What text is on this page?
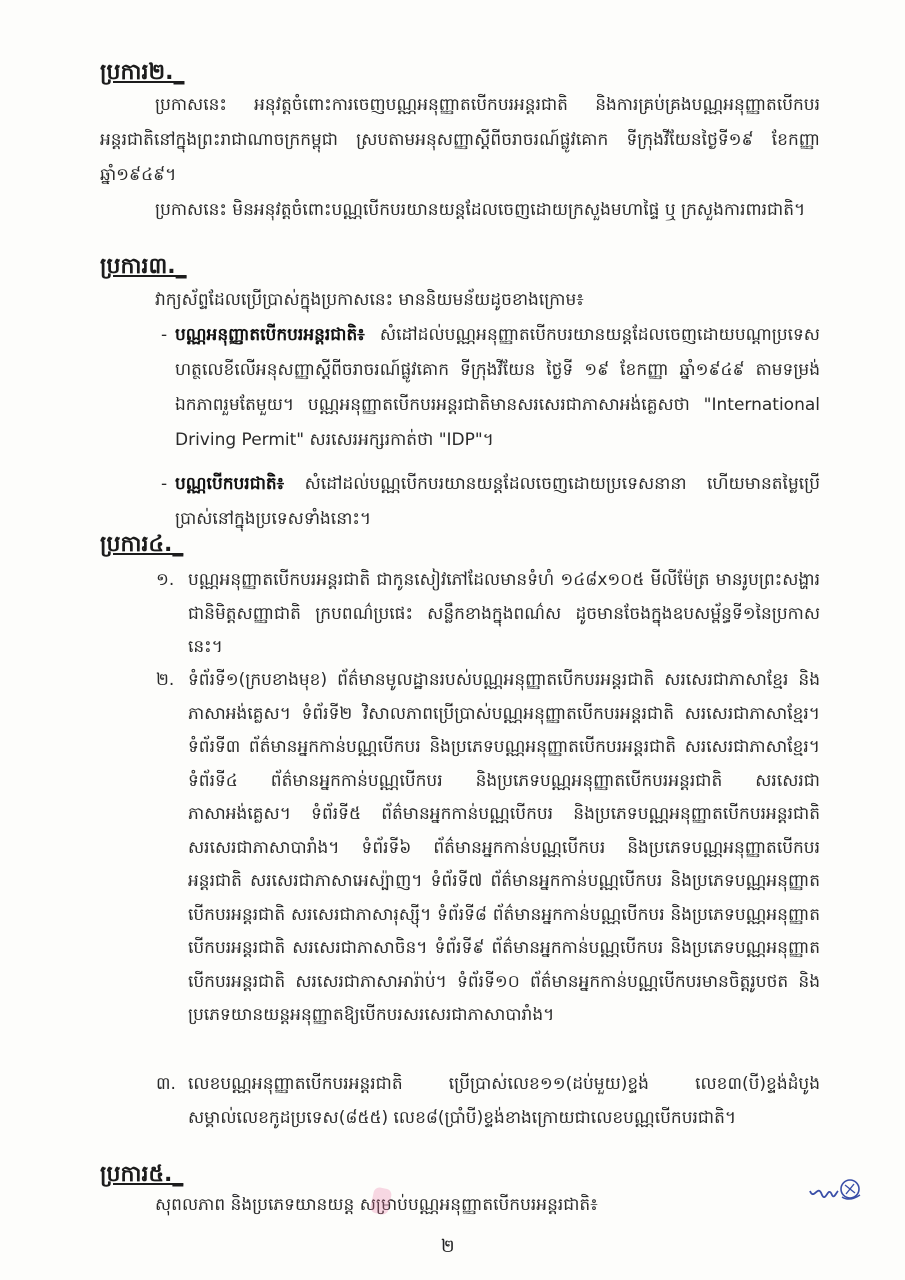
ប្រការ២._
ប្រកាសនេះ អនុវត្តចំពោះការចេញបណ្ណអនុញ្ញាតបើកបរអន្តរជាតិ និងការគ្រប់គ្រងបណ្ណអនុញ្ញាតបើកបរអន្តរជាតិនៅក្នុងព្រះរាជាណាចក្រកម្ពុជា ស្របតាមអនុសញ្ញាស្តីពីចរាចរណ៍ផ្លូវគោក ទីក្រុងវីយែនថ្ងៃទី១៩ ខែកញ្ញា ឆ្នាំ១៩៤៩។
ប្រកាសនេះ មិនអនុវត្តចំពោះបណ្ណបើកបរយានយន្តដែលចេញដោយក្រសួងមហាផ្ទៃ ឬ ក្រសួងការពារជាតិ។
ប្រការ៣._
វាក្យស័ព្ទដែលប្រើប្រាស់ក្នុងប្រកាសនេះ មាននិយមន័យដូចខាងក្រោម៖
- បណ្ណអនុញ្ញាតបើកបរអន្តរជាតិ៖ សំដៅដល់បណ្ណអនុញ្ញាតបើកបរយានយន្តដែលចេញដោយបណ្តាប្រទេសហត្ថលេខីលើអនុសញ្ញាស្តីពីចរាចរណ៍ផ្លូវគោក ទីក្រុងវីយែន ថ្ងៃទី ១៩ ខែកញ្ញា ឆ្នាំ១៩៤៩ តាមទម្រង់ឯកភាពរួមតែមួយ។ បណ្ណអនុញ្ញាតបើកបរអន្តរជាតិមានសរសេរជាភាសាអង់គ្លេសថា "International Driving Permit" សរសេរអក្សរកាត់ថា "IDP"។
- បណ្ណបើកបរជាតិ៖ សំដៅដល់បណ្ណបើកបរយានយន្តដែលចេញដោយប្រទេសនានា ហើយមានតម្លៃប្រើប្រាស់នៅក្នុងប្រទេសទាំងនោះ។
ប្រការ៤._
១. បណ្ណអនុញ្ញាតបើកបរអន្តរជាតិ ជាកូនសៀវភៅដែលមានទំហំ ១៤៨x១០៥ មីលីម៉ែត្រ មានរូបព្រះសង្ហារជានិមិត្តសញ្ញាជាតិ ក្របពណ៌ប្រផេះ សន្លឹកខាងក្នុងពណ៌ស ដូចមានចែងក្នុងឧបសម្ព័ន្ធទី១នៃប្រកាសនេះ។
២. ទំព័រទី១(ក្របខាងមុខ) ព័ត៌មានមូលដ្ឋានរបស់បណ្ណអនុញ្ញាតបើកបរអន្តរជាតិ សរសេរជាភាសាខ្មែរ និងភាសាអង់គ្លេស។ ទំព័រទី២ វិសាលភាពប្រើប្រាស់បណ្ណអនុញ្ញាតបើកបរអន្តរជាតិ សរសេរជាភាសាខ្មែរ។ ទំព័រទី៣ ព័ត៌មានអ្នកកាន់បណ្ណបើកបរ និងប្រភេទបណ្ណអនុញ្ញាតបើកបរអន្តរជាតិ សរសេរជាភាសាខ្មែរ។ ទំព័រទី៤ ព័ត៌មានអ្នកកាន់បណ្ណបើកបរ និងប្រភេទបណ្ណអនុញ្ញាតបើកបរអន្តរជាតិ សរសេរជាភាសាអង់គ្លេស។ ទំព័រទី៥ ព័ត៌មានអ្នកកាន់បណ្ណបើកបរ និងប្រភេទបណ្ណអនុញ្ញាតបើកបរអន្តរជាតិ សរសេរជាភាសាបារាំង។ ទំព័រទី៦ ព័ត៌មានអ្នកកាន់បណ្ណបើកបរ និងប្រភេទបណ្ណអនុញ្ញាតបើកបរអន្តរជាតិ សរសេរជាភាសាអេស្ប៉ាញ។ ទំព័រទី៧ ព័ត៌មានអ្នកកាន់បណ្ណបើកបរ និងប្រភេទបណ្ណអនុញ្ញាតបើកបរអន្តរជាតិ សរសេរជាភាសារុស្ស៊ី។ ទំព័រទី៨ ព័ត៌មានអ្នកកាន់បណ្ណបើកបរ និងប្រភេទបណ្ណអនុញ្ញាតបើកបរអន្តរជាតិ សរសេរជាភាសាចិន។ ទំព័រទី៩ ព័ត៌មានអ្នកកាន់បណ្ណបើកបរ និងប្រភេទបណ្ណអនុញ្ញាតបើកបរអន្តរជាតិ សរសេរជាភាសាអារ៉ាប់។ ទំព័រទី១០ ព័ត៌មានអ្នកកាន់បណ្ណបើកបរមានចិត្តរូបថត និងប្រភេទយានយន្តអនុញ្ញាតឱ្យបើកបរសរសេរជាភាសាបារាំង។
៣. លេខបណ្ណអនុញ្ញាតបើកបរអន្តរជាតិ ប្រើប្រាស់លេខ១១(ដប់មួយ)ខ្ទង់ លេខ៣(បី)ខ្ទង់ដំបូងសម្គាល់លេខកូដប្រទេស(៨៥៥) លេខ៨(ប្រាំបី)ខ្ទង់ខាងក្រោយជាលេខបណ្ណបើកបរជាតិ។
ប្រការ៥._
សុពលភាព និងប្រភេទយានយន្ត សម្រាប់បណ្ណអនុញ្ញាតបើកបរអន្តរជាតិ៖
២
